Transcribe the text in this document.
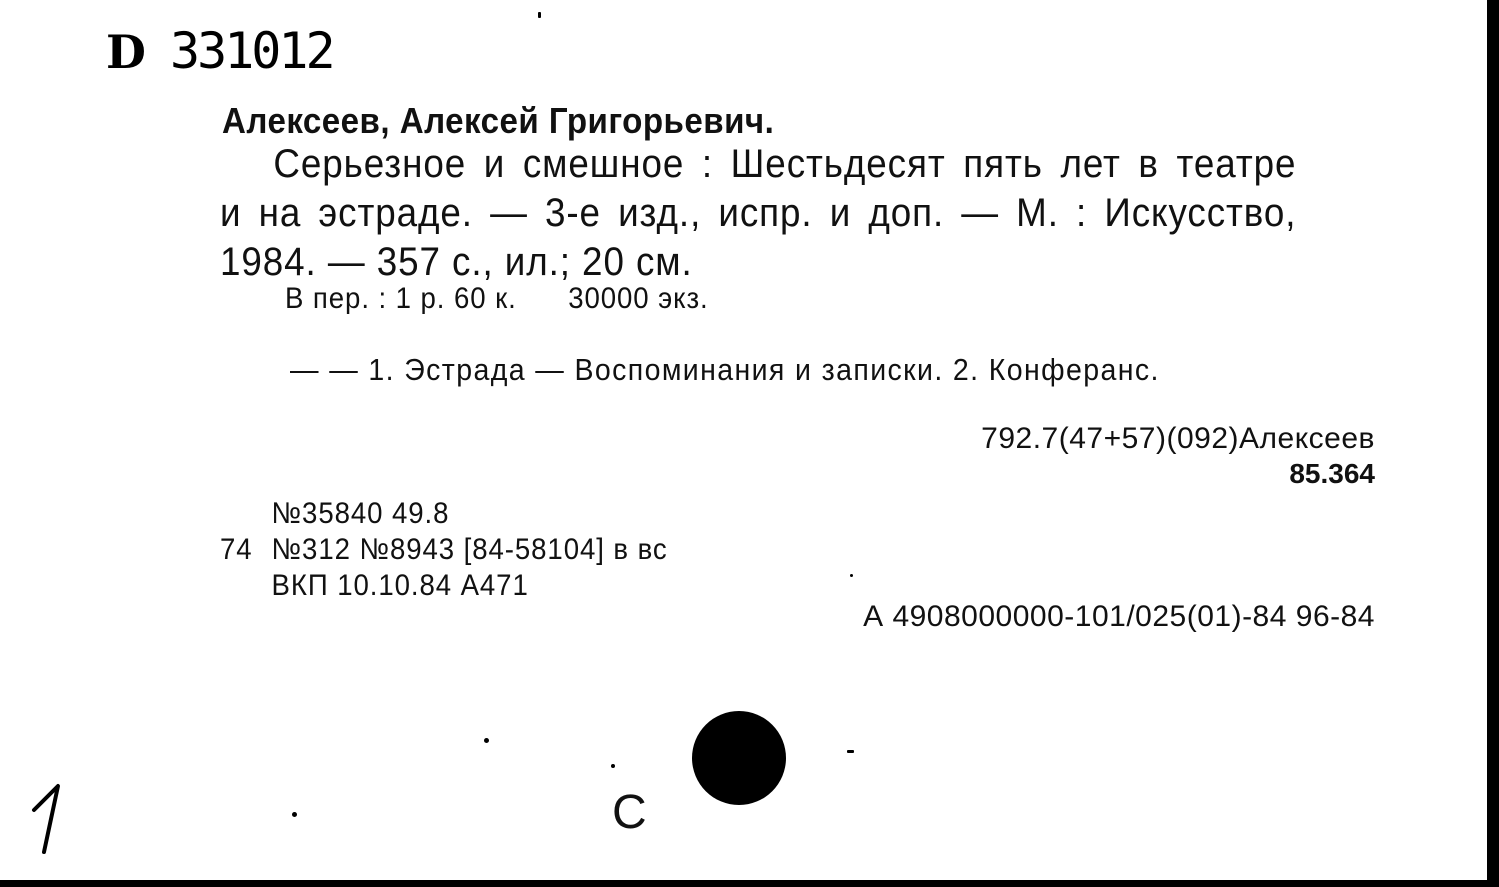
D 331012
Алексеев, Алексей Григорьевич.
Серьезное и смешное : Шестьдесят пять лет в театре
и на эстраде. — 3-е изд., испр. и доп. — М. : Искусство,
1984. — 357 с., ил.; 20 см.
В пер. : 1 р. 60 к. 30000 экз.
— — 1. Эстрада — Воспоминания и записки. 2. Конферанс.
792.7(47+57)(092)Алексеев
85.364
№35840 49.8
74 №312 №8943 [84-58104] в вс
ВКП 10.10.84 А471
А 4908000000-101/025(01)-84 96-84
С
